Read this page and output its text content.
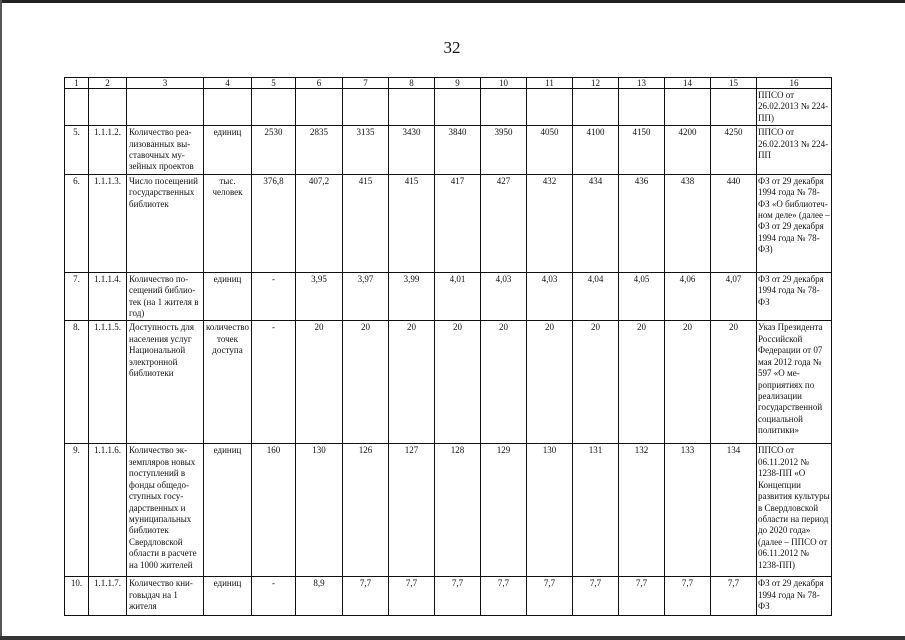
32
1	2	3	4	5	6	7	8	9	10	11	12	13	14	15	16
															ППСО от 26.02.2013 № 224-ПП)
5.	1.1.1.2.	Количество реализованных выставочных музейных проектов	единиц	2530	2835	3135	3430	3840	3950	4050	4100	4150	4200	4250	ППСО от 26.02.2013 № 224-ПП
6.	1.1.1.3.	Число посещений государственных библиотек	тыс. человек	376,8	407,2	415	415	417	427	432	434	436	438	440	ФЗ от 29 декабря 1994 года № 78-ФЗ «О библиотечном деле» (далее – ФЗ от 29 декабря 1994 года № 78-ФЗ)
7.	1.1.1.4.	Количество посещений библиотек (на 1 жителя в год)	единиц	-	3,95	3,97	3,99	4,01	4,03	4,03	4,04	4,05	4,06	4,07	ФЗ от 29 декабря 1994 года № 78-ФЗ
8.	1.1.1.5.	Доступность для населения услуг Национальной электронной библиотеки	количество точек доступа	-	20	20	20	20	20	20	20	20	20	20	Указ Президента Российской Федерации от 07 мая 2012 года № 597 «О мероприятиях по реализации государственной социальной политики»
9.	1.1.1.6.	Количество экземпляров новых поступлений в фонды общедоступных государственных и муниципальных библиотек Свердловской области в расчете на 1000 жителей	единиц	160	130	126	127	128	129	130	131	132	133	134	ППСО от 06.11.2012 № 1238-ПП «О Концепции развития культуры в Свердловской области на период до 2020 года» (далее – ППСО от 06.11.2012 № 1238-ПП)
10.	1.1.1.7.	Количество книговыдач на 1 жителя	единиц	-	8,9	7,7	7,7	7,7	7,7	7,7	7,7	7,7	7,7	7,7	ФЗ от 29 декабря 1994 года № 78-ФЗ
